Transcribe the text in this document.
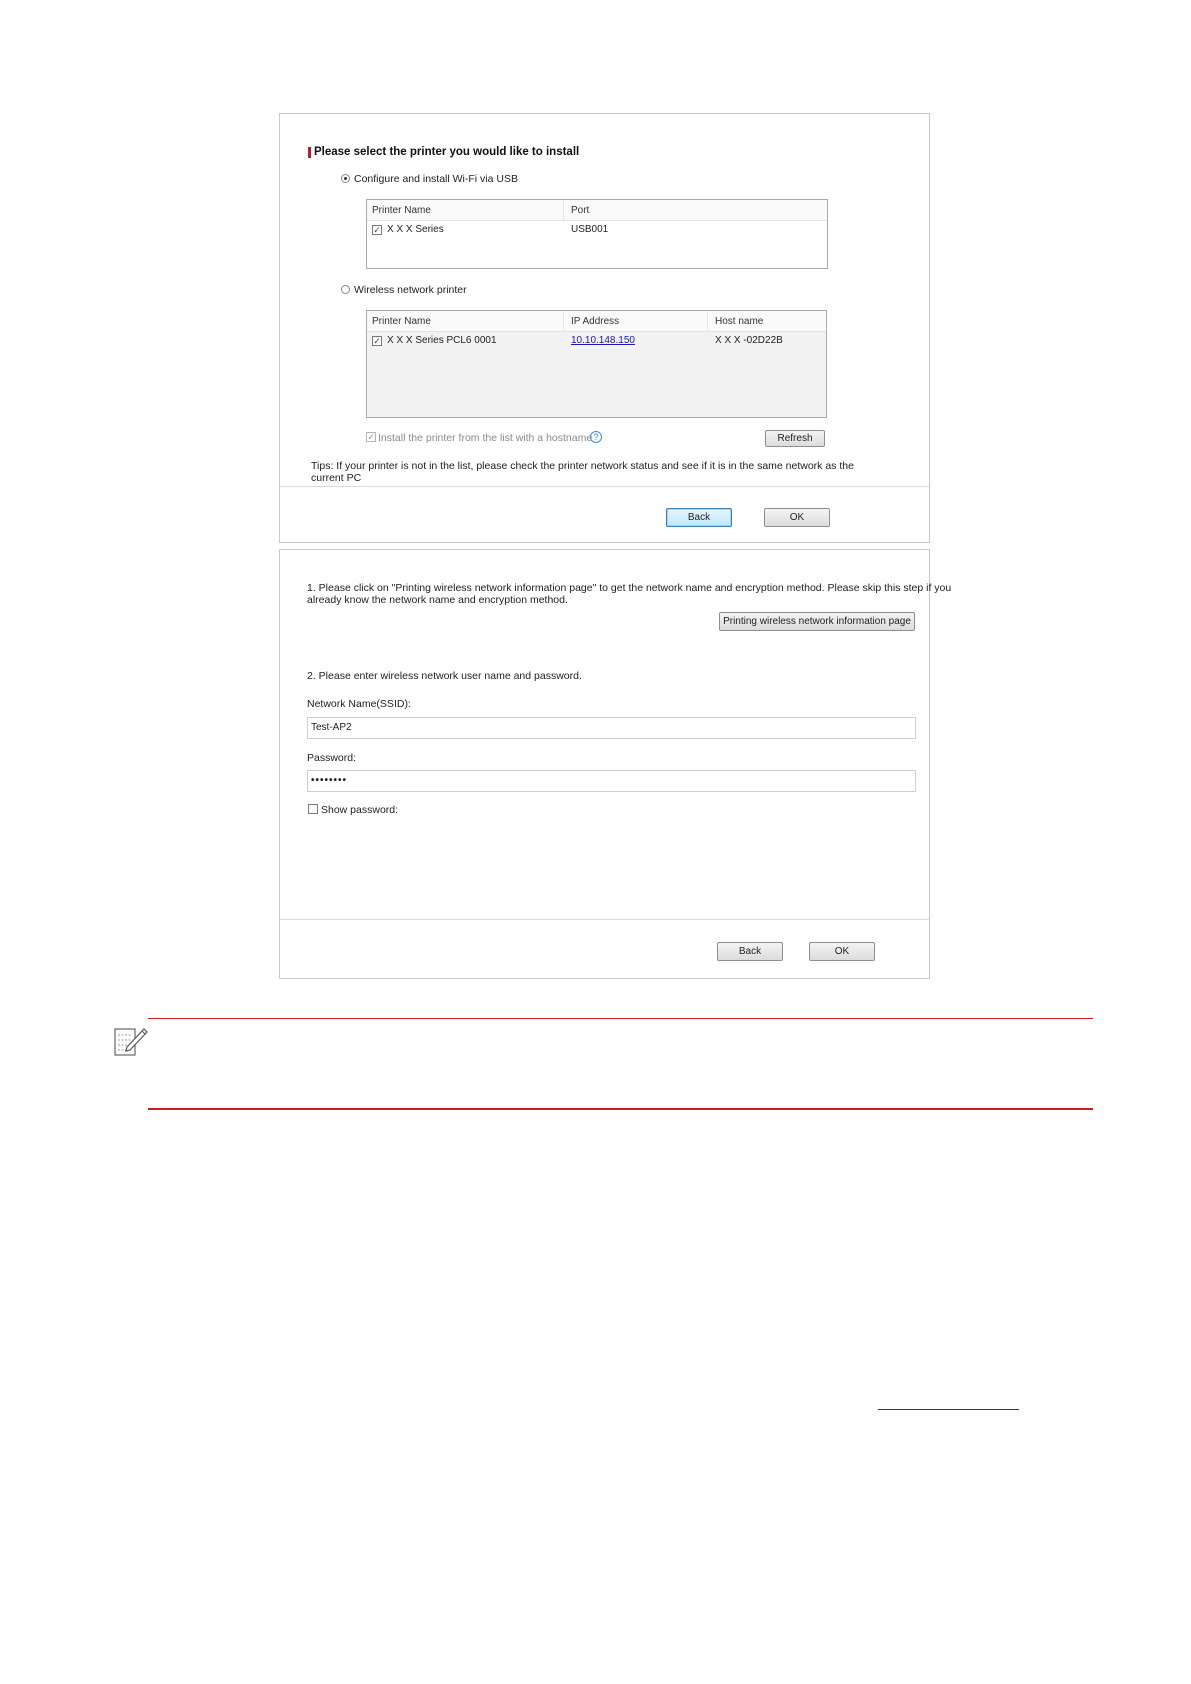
Please select the printer you would like to install
Configure and install Wi-Fi via USB
Printer Name	Port
✓ X X X Series	USB001
Wireless network printer
Printer Name	IP Address	Host name
✓ X X X Series PCL6 0001	10.10.148.150	X X X -02D22B
✓ Install the printer from the list with a hostname ?	Refresh
Tips: If your printer is not in the list, please check the printer network status and see if it is in the same network as the
current PC
Back	OK
1. Please click on "Printing wireless network information page" to get the network name and encryption method. Please skip this step if you
already know the network name and encryption method.
Printing wireless network information page
2. Please enter wireless network user name and password.
Network Name(SSID):
Test-AP2
Password:
••••••••
Show password:
Back	OK
